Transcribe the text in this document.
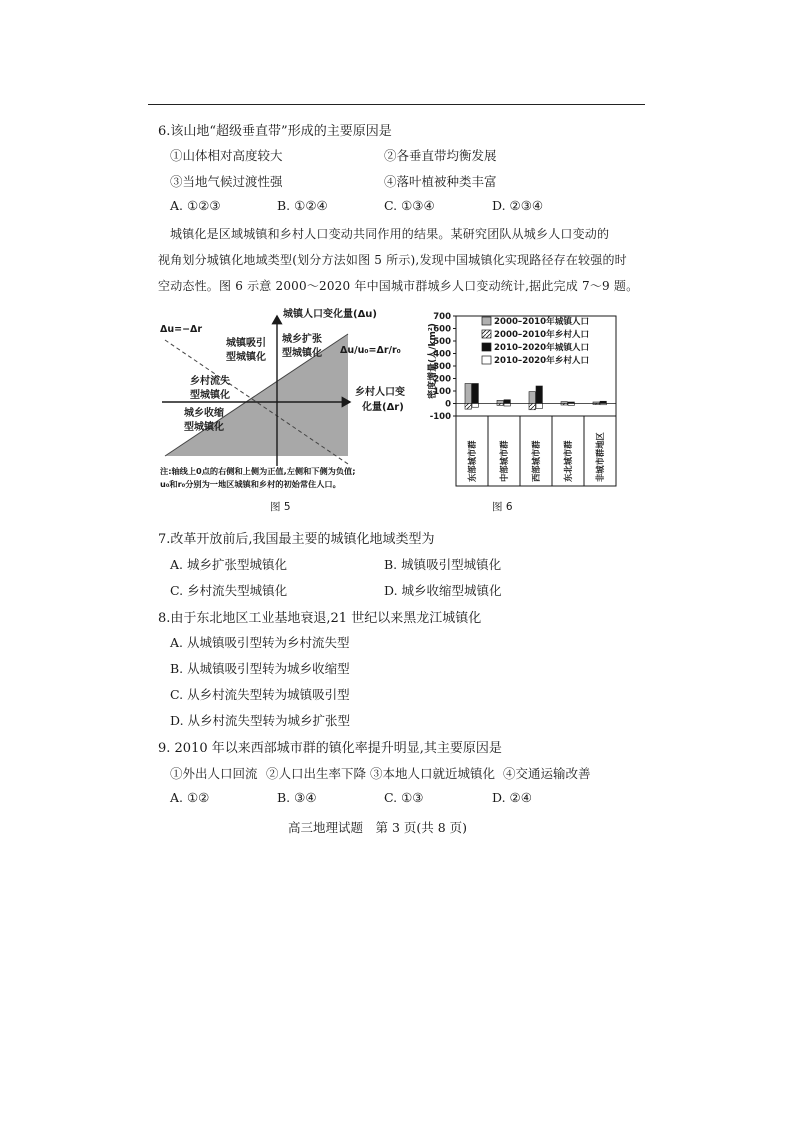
6.该山地“超级垂直带”形成的主要原因是
①山体相对高度较大	②各垂直带均衡发展
③当地气候过渡性强	④落叶植被种类丰富
A. ①②③	B. ①②④	C. ①③④	D. ②③④
城镇化是区域城镇和乡村人口变动共同作用的结果。某研究团队从城乡人口变动的
视角划分城镇化地域类型(划分方法如图 5 所示),发现中国城镇化实现路径存在较强的时
空动态性。图 6 示意 2000～2020 年中国城市群城乡人口变动统计,据此完成 7～9 题。
城镇人口变化量(Δu)
乡村人口变
化量(Δr)
Δu=−Δr
Δu/u₀=Δr/r₀
城镇吸引
型城镇化
城乡扩张
型城镇化
乡村流失
型城镇化
城乡收缩
型城镇化
注:轴线上0点的右侧和上侧为正值,左侧和下侧为负值;
u₀和r₀分别为一地区城镇和乡村的初始常住人口。
图 5
700
600
500
400
300
200
100
0
-100
东部城市群	中部城市群	西部城市群	东北城市群	非城市群地区
2000–2010年城镇人口
2000–2010年乡村人口
2010–2020年城镇人口
2010–2020年乡村人口
密度增量(人/km²)
图 6
7.改革开放前后,我国最主要的城镇化地域类型为
A. 城乡扩张型城镇化	B. 城镇吸引型城镇化
C. 乡村流失型城镇化	D. 城乡收缩型城镇化
8.由于东北地区工业基地衰退,21 世纪以来黑龙江城镇化
A. 从城镇吸引型转为乡村流失型
B. 从城镇吸引型转为城乡收缩型
C. 从乡村流失型转为城镇吸引型
D. 从乡村流失型转为城乡扩张型
9. 2010 年以来西部城市群的镇化率提升明显,其主要原因是
①外出人口回流 ②人口出生率下降 ③本地人口就近城镇化 ④交通运输改善
A. ①②	B. ③④	C. ①③	D. ②④
高三地理试题　第 3 页(共 8 页)
